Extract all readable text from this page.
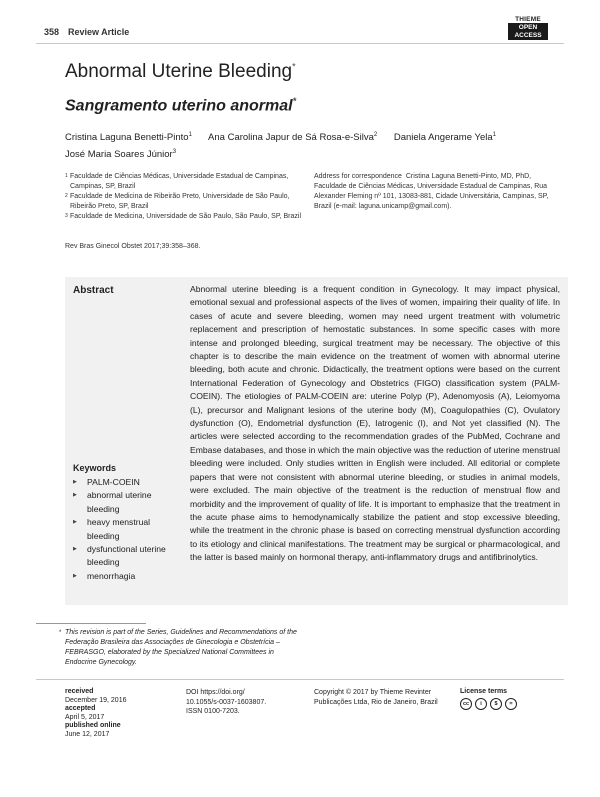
358 Review Article
THIEME
OPEN
ACCESS
Abnormal Uterine Bleeding*
Sangramento uterino anormal*
Cristina Laguna Benetti-Pinto$^1$ Ana Carolina Japur de Sá Rosa-e-Silva$^2$ Daniela Angerame Yela$^1$
José Maria Soares Júnior$^3$
1 Faculdade de Ciências Médicas, Universidade Estadual de Campinas, Campinas, SP, Brazil
2 Faculdade de Medicina de Ribeirão Preto, Universidade de São Paulo, Ribeirão Preto, SP, Brazil
3 Faculdade de Medicina, Universidade de São Paulo, São Paulo, SP, Brazil
Address for correspondence Cristina Laguna Benetti-Pinto, MD, PhD, Faculdade de Ciências Médicas, Universidade Estadual de Campinas, Rua Alexander Fleming nº 101, 13083-881, Cidade Universitária, Campinas, SP, Brazil (e-mail: laguna.unicamp@gmail.com).
Rev Bras Ginecol Obstet 2017;39:358–368.
Abstract	Abnormal uterine bleeding is a frequent condition in Gynecology. It may impact physical, emotional sexual and professional aspects of the lives of women, impairing their quality of life. In cases of acute and severe bleeding, women may need urgent treatment with volumetric replacement and prescription of hemostatic substances. In some specific cases with more intense and prolonged bleeding, surgical treatment may be necessary. The objective of this chapter is to describe the main evidence on the treatment of women with abnormal uterine bleeding, both acute and chronic. Didactically, the treatment options were based on the current International Federation of Gynecology and Obstetrics (FIGO) classification system (PALM-COEIN). The etiologies of PALM-COEIN are: uterine Polyp (P), Adenomyosis (A), Leiomyoma (L), precursor and Malignant lesions of the uterine body (M), Coagulopathies (C), Ovulatory dysfunction (O), Endometrial dysfunction (E), Iatrogenic (I), and Not yet classified (N). The articles were selected according to the recommendation grades of the PubMed, Cochrane and Embase databases, and those in which the main objective was the reduction of uterine menstrual bleeding were included. Only studies written in English were included. All editorial or complete papers that were not consistent with abnormal uterine bleeding, or studies in animal models, were excluded. The main objective of the treatment is the reduction of menstrual flow and morbidity and the improvement of quality of life. It is important to emphasize that the treatment in the acute phase aims to hemodynamically stabilize the patient and stop excessive bleeding, while the treatment in the chronic phase is based on correcting menstrual dysfunction according to its etiology and clinical manifestations. The treatment may be surgical or pharmacological, and the latter is based mainly on hormonal therapy, anti-inflammatory drugs and antifibrinolytics.
Keywords
▶ PALM-COEIN
▶ abnormal uterine bleeding
▶ heavy menstrual bleeding
▶ dysfunctional uterine bleeding
▶ menorrhagia
* This revision is part of the Series, Guidelines and Recommendations of the Federação Brasileira das Associações de Ginecologia e Obstetrícia – FEBRASGO, elaborated by the Specialized National Committees in Endocrine Gynecology.
received
December 19, 2016
accepted
April 5, 2017
published online
June 12, 2017
DOI https://doi.org/
10.1055/s-0037-1603807.
ISSN 0100-7203.
Copyright © 2017 by Thieme Revinter
Publicações Ltda, Rio de Janeiro, Brazil
License terms
cc	i	$	=
